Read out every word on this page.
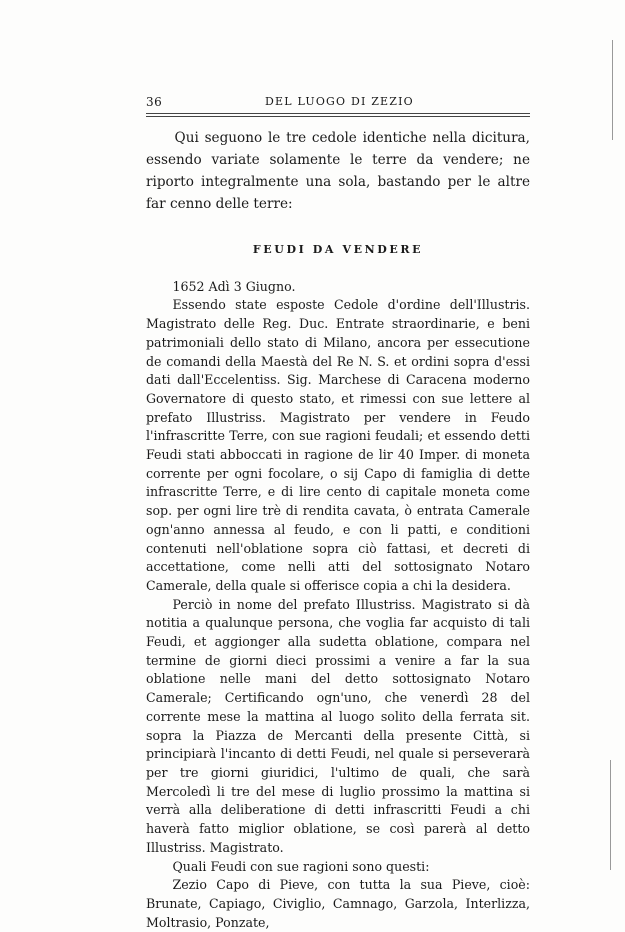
36	DEL LUOGO DI ZEZIO

Qui seguono le tre cedole identiche nella dicitura, essendo variate solamente le terre da vendere; ne riporto integralmente una sola, bastando per le altre far cenno delle terre:

FEUDI DA VENDERE

1652 Adì 3 Giugno.

Essendo state esposte Cedole d'ordine dell'Illustris. Magistrato delle Reg. Duc. Entrate straordinarie, e beni patrimoniali dello stato di Milano, ancora per essecutione de comandi della Maestà del Re N. S. et ordini sopra d'essi dati dall'Eccelentiss. Sig. Marchese di Caracena moderno Governatore di questo stato, et rimessi con sue lettere al prefato Illustriss. Magistrato per vendere in Feudo l'infrascritte Terre, con sue ragioni feudali; et essendo detti Feudi stati abboccati in ragione de lir 40 Imper. di moneta corrente per ogni focolare, o sij Capo di famiglia di dette infrascritte Terre, e di lire cento di capitale moneta come sop. per ogni lire trè di rendita cavata, ò entrata Camerale ogn'anno annessa al feudo, e con li patti, e conditioni contenuti nell'oblatione sopra ciò fattasi, et decreti di accettatione, come nelli atti del sottosignato Notaro Camerale, della quale si offerisce copia a chi la desidera.

Perciò in nome del prefato Illustriss. Magistrato si dà notitia a qualunque persona, che voglia far acquisto di tali Feudi, et aggionger alla sudetta oblatione, compara nel termine de giorni dieci prossimi a venire a far la sua oblatione nelle mani del detto sottosignato Notaro Camerale; Certificando ogn'uno, che venerdì 28 del corrente mese la mattina al luogo solito della ferrata sit. sopra la Piazza de Mercanti della presente Città, si principiarà l'incanto di detti Feudi, nel quale si perseverarà per tre giorni giuridici, l'ultimo de quali, che sarà Mercoledì li tre del mese di luglio prossimo la mattina si verrà alla deliberatione di detti infrascritti Feudi a chi haverà fatto miglior oblatione, se così parerà al detto Illustriss. Magistrato.

Quali Feudi con sue ragioni sono questi:

Zezio Capo di Pieve, con tutta la sua Pieve, cioè: Brunate, Capiago, Civiglio, Camnago, Garzola, Interlizza, Moltrasio, Ponzate,
